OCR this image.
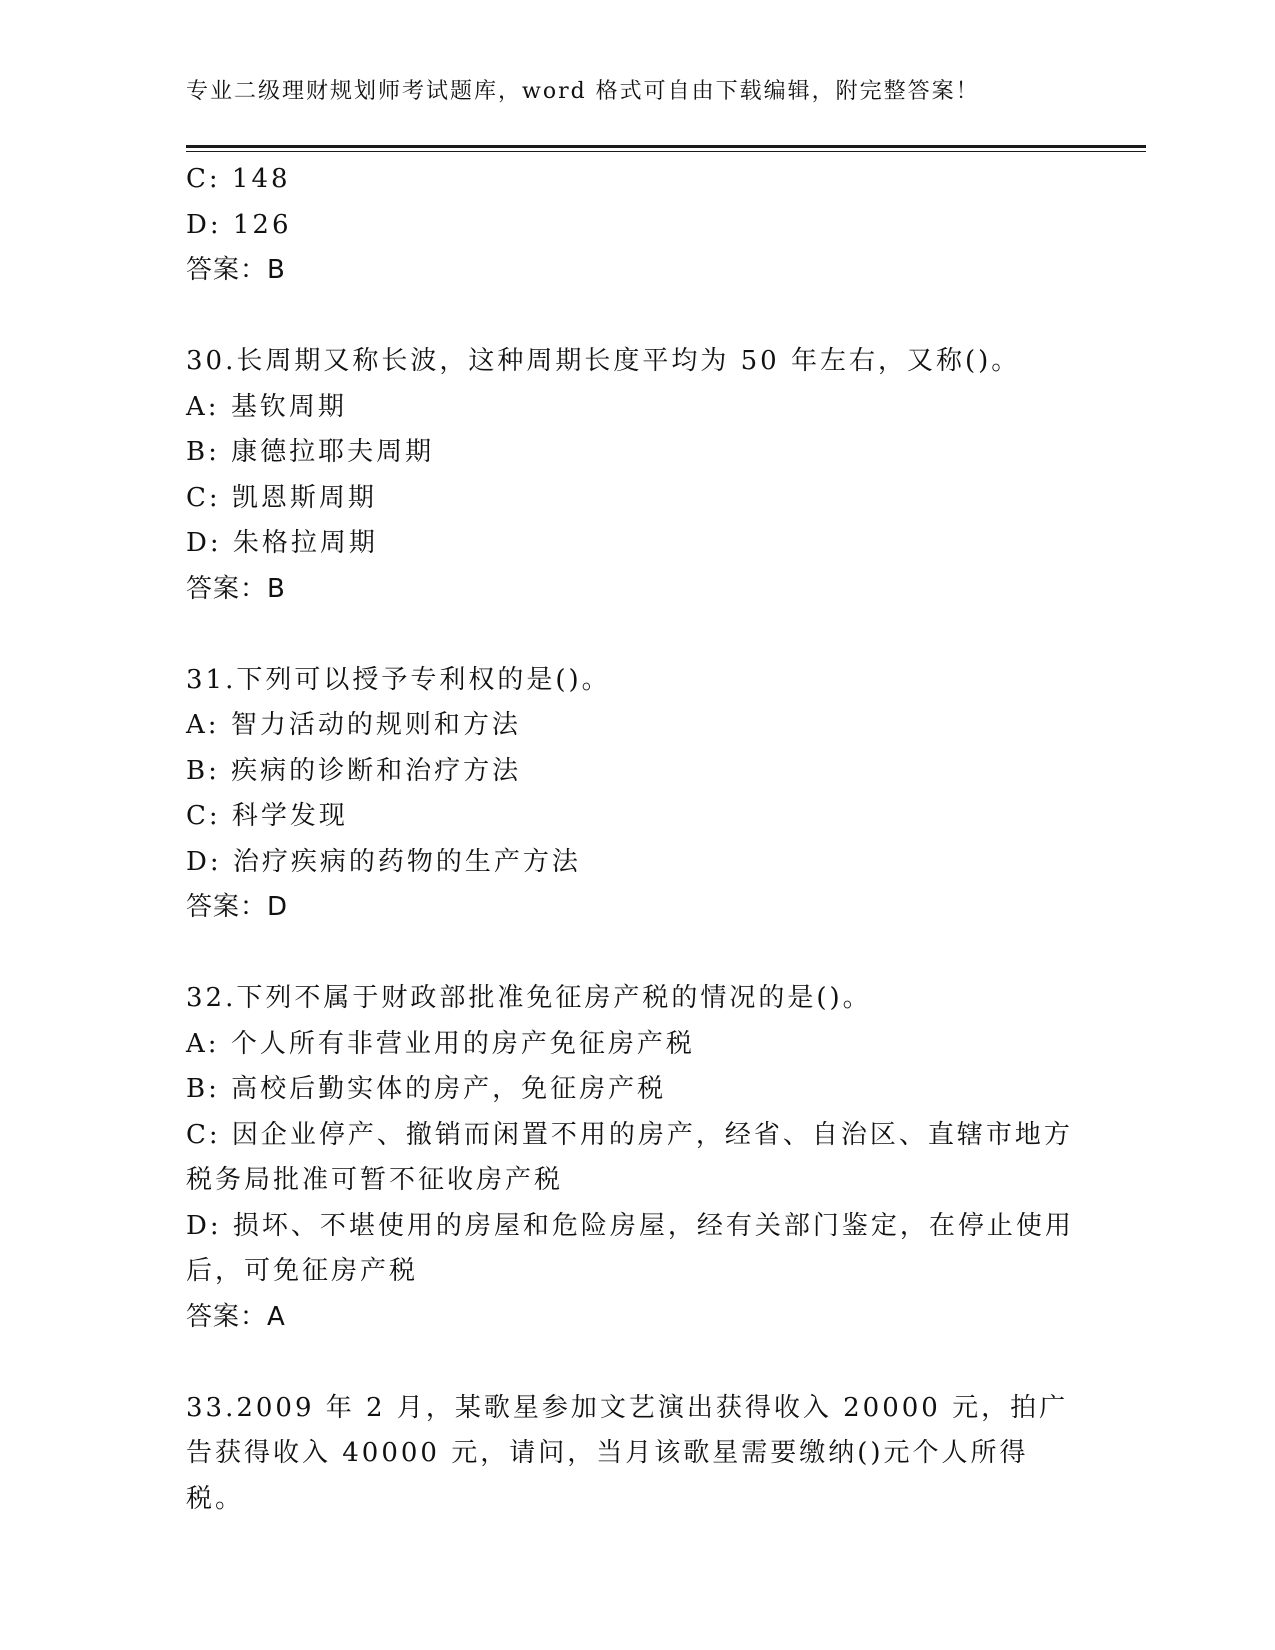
专业二级理财规划师考试题库，word 格式可自由下载编辑，附完整答案！
C: 148
D: 126
答案：B
30.长周期又称长波，这种周期长度平均为 50 年左右，又称()。
A: 基钦周期
B: 康德拉耶夫周期
C: 凯恩斯周期
D: 朱格拉周期
答案：B
31.下列可以授予专利权的是()。
A: 智力活动的规则和方法
B: 疾病的诊断和治疗方法
C: 科学发现
D: 治疗疾病的药物的生产方法
答案：D
32.下列不属于财政部批准免征房产税的情况的是()。
A: 个人所有非营业用的房产免征房产税
B: 高校后勤实体的房产，免征房产税
C: 因企业停产、撤销而闲置不用的房产，经省、自治区、直辖市地方税务局批准可暂不征收房产税
D: 损坏、不堪使用的房屋和危险房屋，经有关部门鉴定，在停止使用后，可免征房产税
答案：A
33.2009 年 2 月，某歌星参加文艺演出获得收入 20000 元，拍广告获得收入 40000 元，请问，当月该歌星需要缴纳()元个人所得税。
